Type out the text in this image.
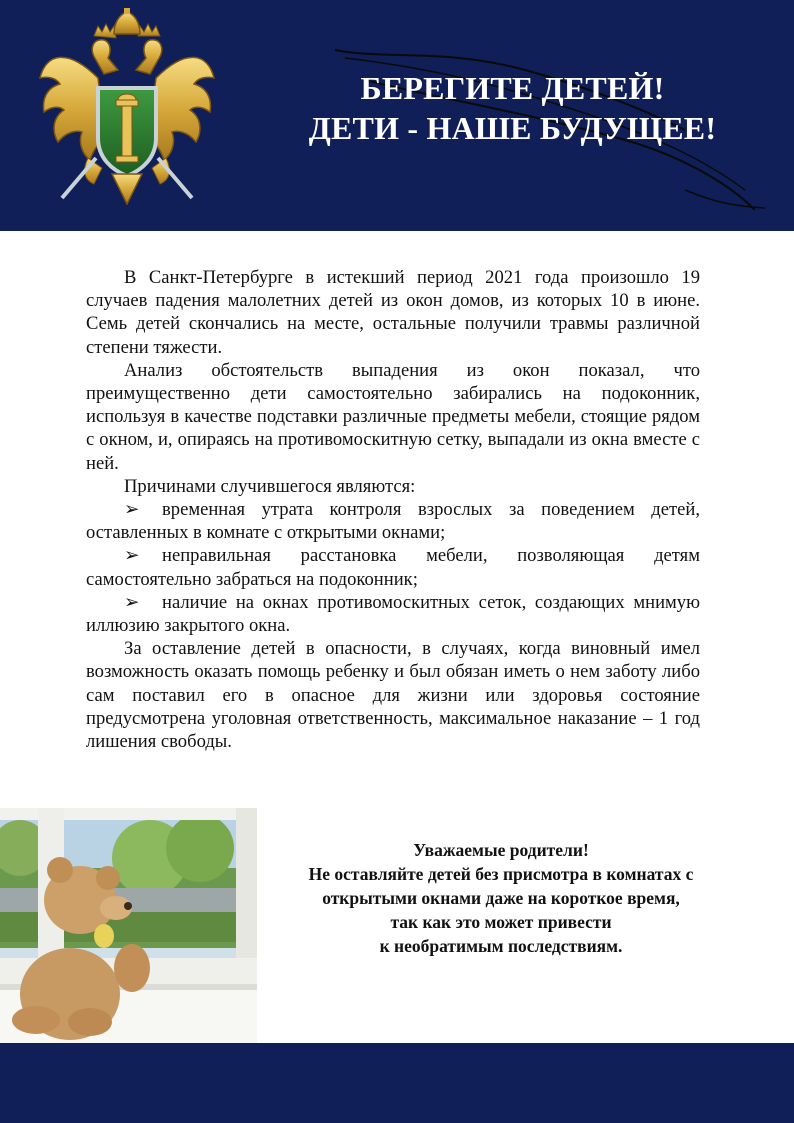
БЕРЕГИТЕ ДЕТЕЙ!
ДЕТИ - НАШЕ БУДУЩЕЕ!

В Санкт-Петербурге в истекший период 2021 года произошло 19 случаев падения малолетних детей из окон домов, из которых 10 в июне. Семь детей скончались на месте, остальные получили травмы различной степени тяжести.

Анализ обстоятельств выпадения из окон показал, что преимущественно дети самостоятельно забирались на подоконник, используя в качестве подставки различные предметы мебели, стоящие рядом с окном, и, опираясь на противомоскитную сетку, выпадали из окна вместе с ней.

Причинами случившегося являются:

➢ временная утрата контроля взрослых за поведением детей, оставленных в комнате с открытыми окнами;

➢ неправильная расстановка мебели, позволяющая детям самостоятельно забраться на подоконник;

➢ наличие на окнах противомоскитных сеток, создающих мнимую иллюзию закрытого окна.

За оставление детей в опасности, в случаях, когда виновный имел возможность оказать помощь ребенку и был обязан иметь о нем заботу либо сам поставил его в опасное для жизни или здоровья состояние предусмотрена уголовная ответственность, максимальное наказание – 1 год лишения свободы.

Уважаемые родители!
Не оставляйте детей без присмотра в комнатах с
открытыми окнами даже на короткое время,
так как это может привести
к необратимым последствиям.
